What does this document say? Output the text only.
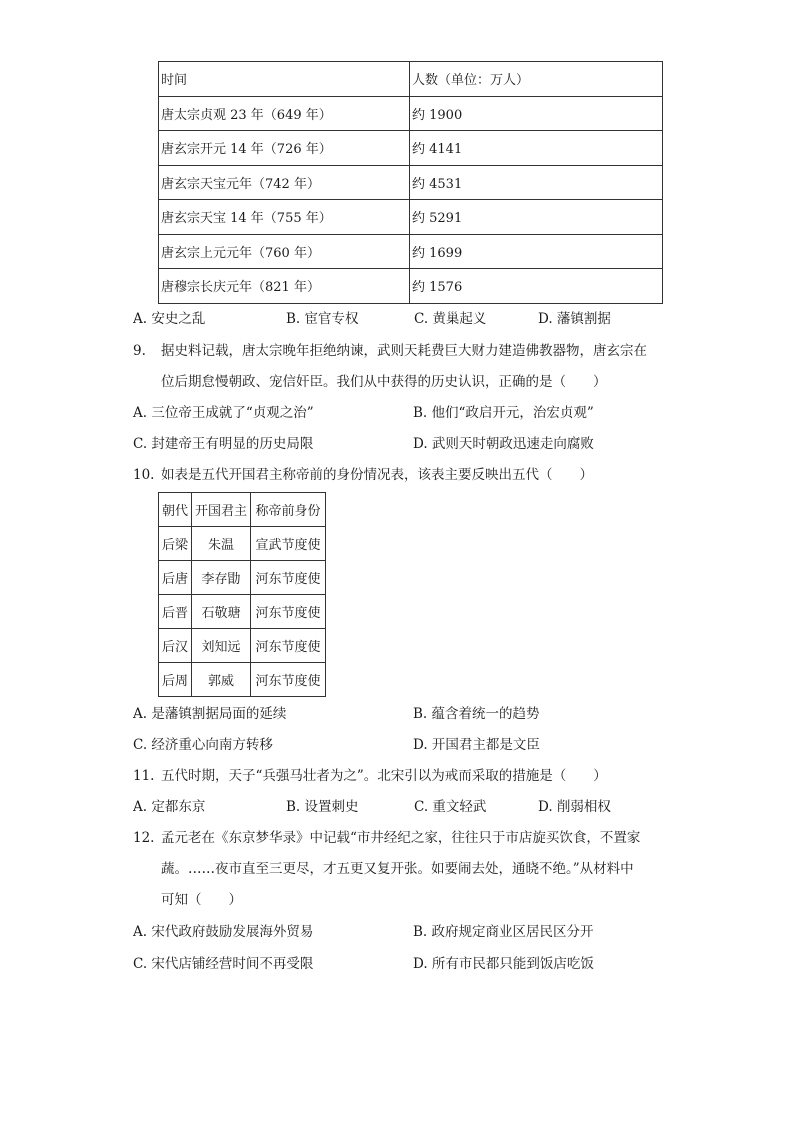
时间	人数（单位：万人）
唐太宗贞观 23 年（649 年）	约 1900
唐玄宗开元 14 年（726 年）	约 4141
唐玄宗天宝元年（742 年）	约 4531
唐玄宗天宝 14 年（755 年）	约 5291
唐玄宗上元元年（760 年）	约 1699
唐穆宗长庆元年（821 年）	约 1576
A. 安史之乱	B. 宦官专权	C. 黄巢起义	D. 藩镇割据
9. 据史料记载，唐太宗晚年拒绝纳谏，武则天耗费巨大财力建造佛教器物，唐玄宗在
位后期怠慢朝政、宠信奸臣。我们从中获得的历史认识，正确的是（　　）
A. 三位帝王成就了“贞观之治”	B. 他们“政启开元，治宏贞观”
C. 封建帝王有明显的历史局限	D. 武则天时朝政迅速走向腐败
10. 如表是五代开国君主称帝前的身份情况表，该表主要反映出五代（　　）
朝代	开国君主	称帝前身份
后梁	朱温	宣武节度使
后唐	李存勖	河东节度使
后晋	石敬瑭	河东节度使
后汉	刘知远	河东节度使
后周	郭威	河东节度使
A. 是藩镇割据局面的延续	B. 蕴含着统一的趋势
C. 经济重心向南方转移	D. 开国君主都是文臣
11. 五代时期，天子“兵强马壮者为之”。北宋引以为戒而采取的措施是（　　）
A. 定都东京	B. 设置刺史	C. 重文轻武	D. 削弱相权
12. 孟元老在《东京梦华录》中记载“市井经纪之家，往往只于市店旋买饮食，不置家
蔬。……夜市直至三更尽，才五更又复开张。如要闹去处，通晓不绝。”从材料中
可知（　　）
A. 宋代政府鼓励发展海外贸易	B. 政府规定商业区居民区分开
C. 宋代店铺经营时间不再受限	D. 所有市民都只能到饭店吃饭
